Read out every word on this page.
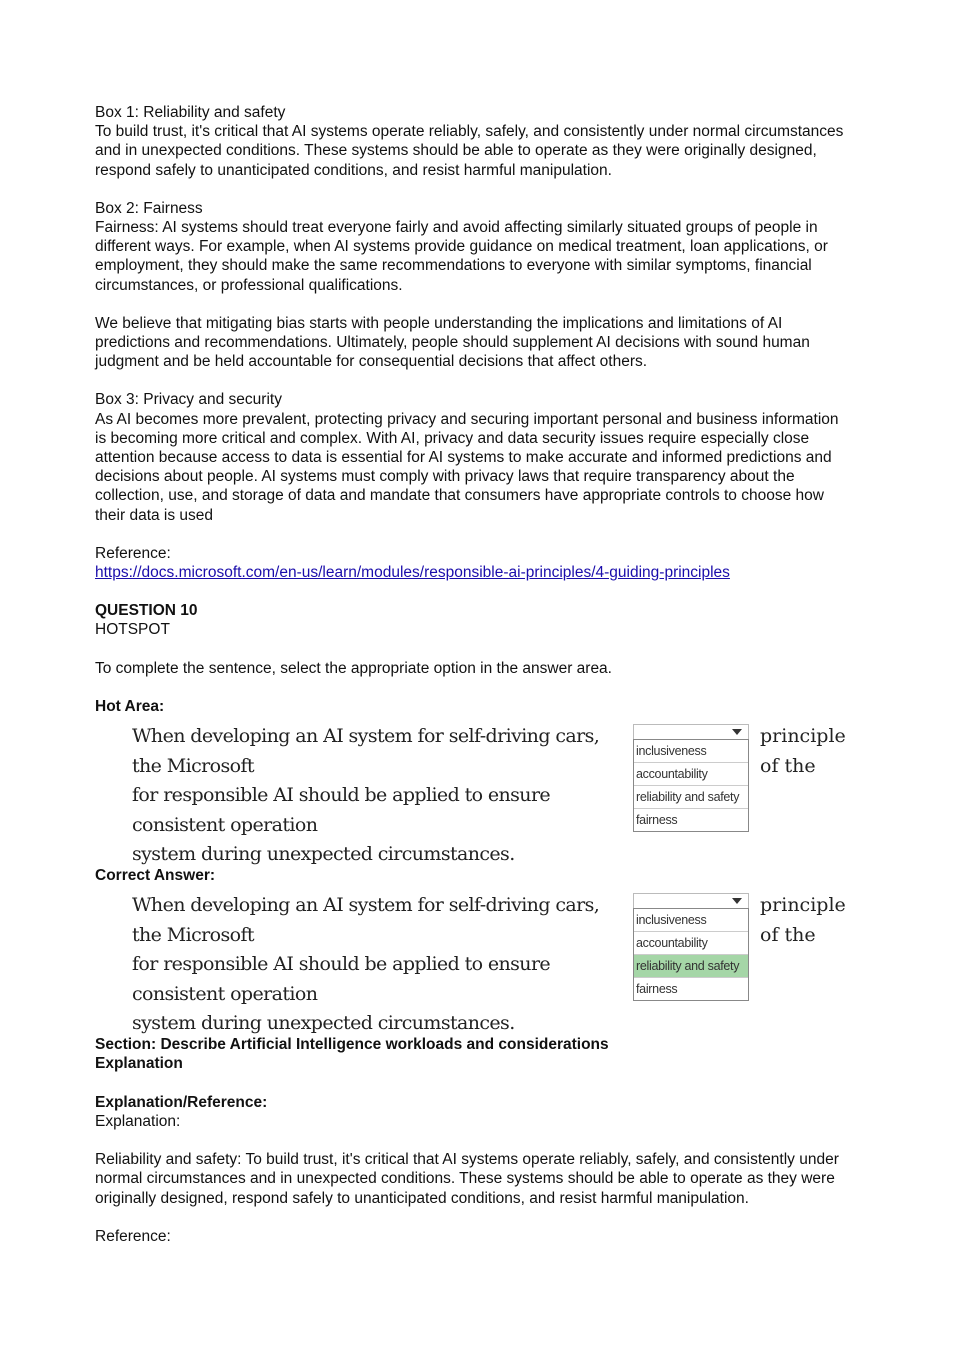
Box 1: Reliability and safety

To build trust, it's critical that AI systems operate reliably, safely, and consistently under normal circumstances

and in unexpected conditions. These systems should be able to operate as they were originally designed,

respond safely to unanticipated conditions, and resist harmful manipulation.

Box 2: Fairness

Fairness: AI systems should treat everyone fairly and avoid affecting similarly situated groups of people in

different ways. For example, when AI systems provide guidance on medical treatment, loan applications, or

employment, they should make the same recommendations to everyone with similar symptoms, financial

circumstances, or professional qualifications.

We believe that mitigating bias starts with people understanding the implications and limitations of AI

predictions and recommendations. Ultimately, people should supplement AI decisions with sound human

judgment and be held accountable for consequential decisions that affect others.

Box 3: Privacy and security

As AI becomes more prevalent, protecting privacy and securing important personal and business information

is becoming more critical and complex. With AI, privacy and data security issues require especially close

attention because access to data is essential for AI systems to make accurate and informed predictions and

decisions about people. AI systems must comply with privacy laws that require transparency about the

collection, use, and storage of data and mandate that consumers have appropriate controls to choose how

their data is used

Reference:

https://docs.microsoft.com/en-us/learn/modules/responsible-ai-principles/4-guiding-principles

QUESTION 10

HOTSPOT

To complete the sentence, select the appropriate option in the answer area.

Hot Area:

When developing an AI system for self-driving cars, the Microsoft
for responsible AI should be applied to ensure consistent operation
system during unexpected circumstances.
inclusiveness
accountability
reliability and safety
fairness
principle
of the

Correct Answer:

When developing an AI system for self-driving cars, the Microsoft
for responsible AI should be applied to ensure consistent operation
system during unexpected circumstances.
inclusiveness
accountability
reliability and safety
fairness
principle
of the

Section: Describe Artificial Intelligence workloads and considerations

Explanation

Explanation/Reference:

Explanation:

Reliability and safety: To build trust, it's critical that AI systems operate reliably, safely, and consistently under

normal circumstances and in unexpected conditions. These systems should be able to operate as they were

originally designed, respond safely to unanticipated conditions, and resist harmful manipulation.

Reference:
